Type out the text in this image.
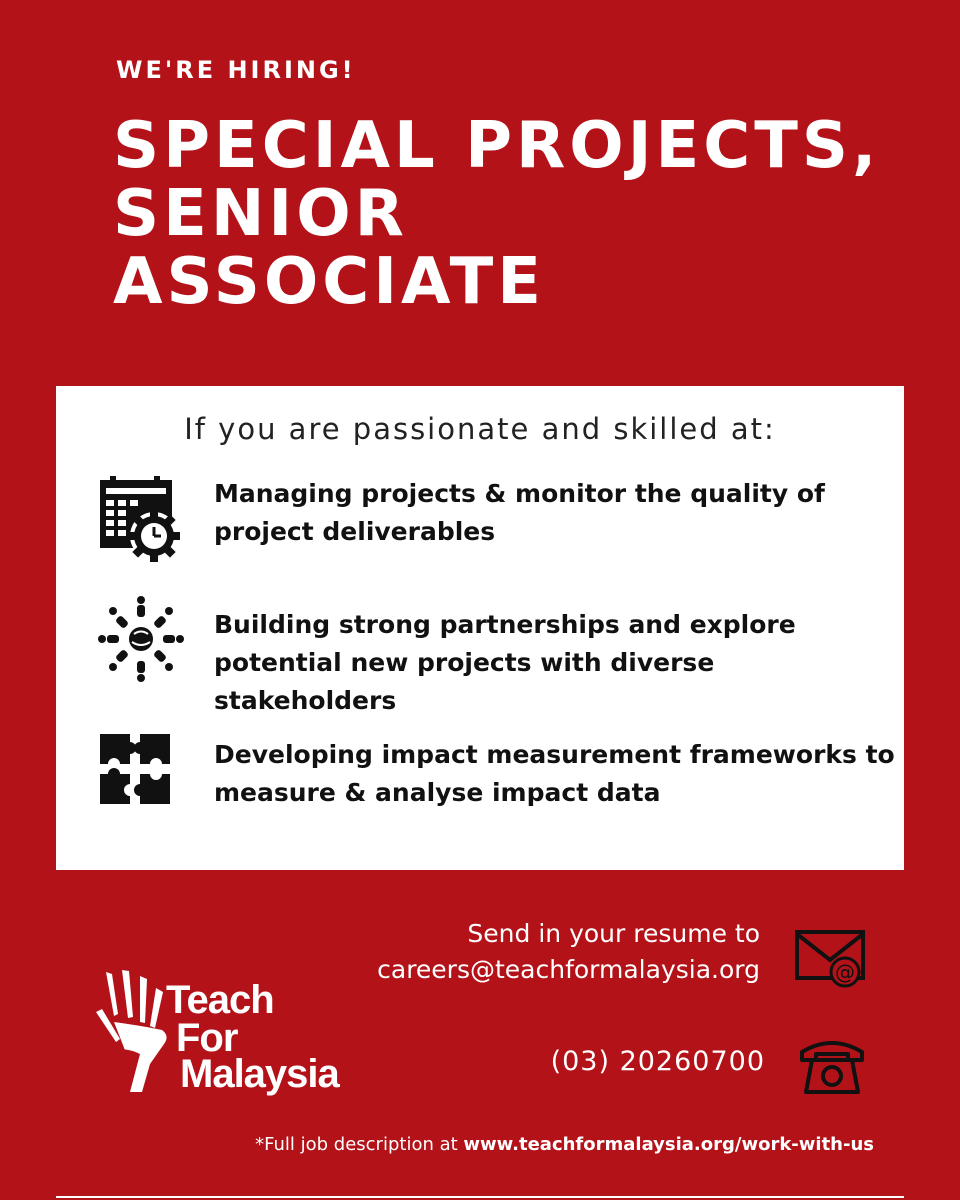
WE'RE HIRING!
SPECIAL PROJECTS,
SENIOR
ASSOCIATE
If you are passionate and skilled at:
Managing projects & monitor the quality of project deliverables
Building strong partnerships and explore potential new projects with diverse stakeholders
Developing impact measurement frameworks to measure & analyse impact data
Send in your resume to
careers@teachformalaysia.org	@
(03) 20260700
Teach
For
Malaysia
*Full job description at www.teachformalaysia.org/work-with-us
